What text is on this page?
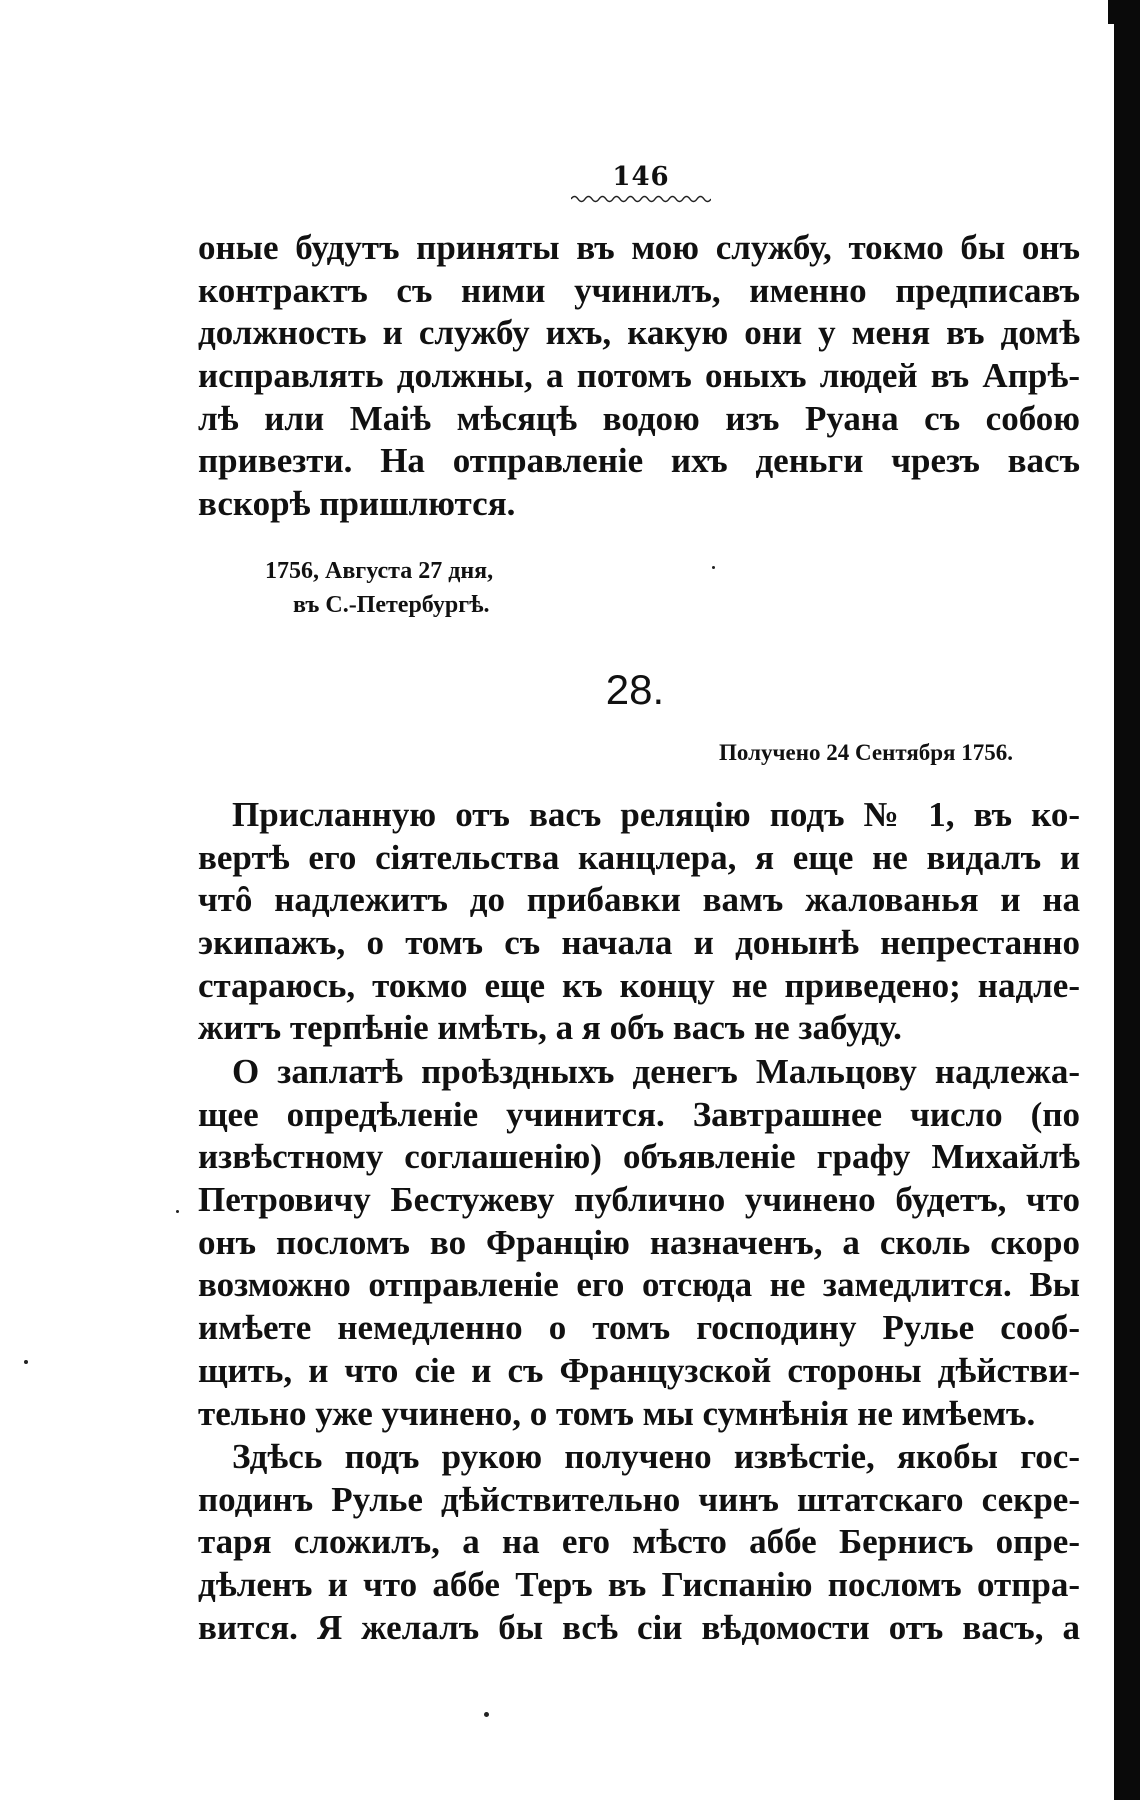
146
оные будутъ приняты въ мою службу, токмо бы онъ
контрактъ съ ними учинилъ, именно предписавъ
должность и службу ихъ, какую они у меня въ домѣ
исправлять должны, а потомъ оныхъ людей въ Апрѣ-
лѣ или Маіѣ мѣсяцѣ водою изъ Руана съ собою
привезти. На отправленіе ихъ деньги чрезъ васъ
вскорѣ пришлются.
1756, Августа 27 дня,
въ С.-Петербургѣ.
28.
Получено 24 Сентября 1756.
Присланную отъ васъ реляцію подъ № 1, въ ко-
вертѣ его сіятельства канцлера, я еще не видалъ и
чтȏ надлежитъ до прибавки вамъ жалованья и на
экипажъ, о томъ съ начала и донынѣ непрестанно
стараюсь, токмо еще къ концу не приведено; надле-
житъ терпѣніе имѣть, а я объ васъ не забуду.
О заплатѣ проѣздныхъ денегъ Мальцову надлежа-
щее опредѣленіе учинится. Завтрашнее число (по
извѣстному соглашенію) объявленіе графу Михайлѣ
Петровичу Бестужеву публично учинено будетъ, что
онъ посломъ во Францію назначенъ, а сколь скоро
возможно отправленіе его отсюда не замедлится. Вы
имѣете немедленно о томъ господину Рулье сооб-
щить, и что сіе и съ Французской стороны дѣйстви-
тельно уже учинено, о томъ мы сумнѣнія не имѣемъ.
Здѣсь подъ рукою получено извѣстіе, якобы гос-
подинъ Рулье дѣйствительно чинъ штатскаго секре-
таря сложилъ, а на его мѣсто аббе Бернисъ опре-
дѣленъ и что аббе Теръ въ Гиспанію посломъ отпра-
вится. Я желалъ бы всѣ сіи вѣдомости отъ васъ, а
